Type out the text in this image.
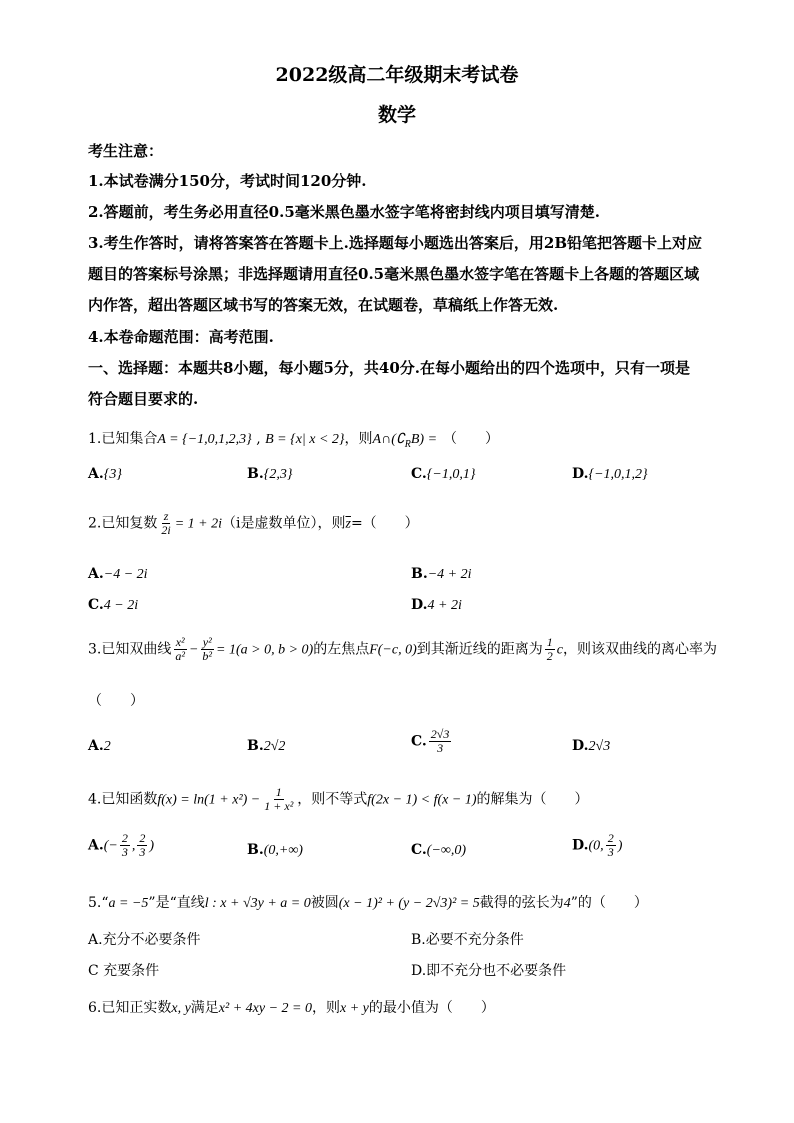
2022级高二年级期末考试卷
数学
考生注意：
1.本试卷满分150分，考试时间120分钟.
2.答题前，考生务必用直径0.5毫米黑色墨水签字笔将密封线内项目填写清楚.
3.考生作答时，请将答案答在答题卡上.选择题每小题选出答案后，用2B铅笔把答题卡上对应
题目的答案标号涂黑；非选择题请用直径0.5毫米黑色墨水签字笔在答题卡上各题的答题区域
内作答，超出答题区域书写的答案无效，在试题卷，草稿纸上作答无效.
4.本卷命题范围：高考范围.
一、选择题：本题共8小题，每小题5分，共40分.在每小题给出的四个选项中，只有一项是
符合题目要求的.
1.已知集合A = {−1,0,1,2,3} , B = {x| x < 2}，则$A\cap(∁_RB)$ = （　　）
A.{3}	B.{2,3}	C.{−1,0,1}	D.{−1,0,1,2}
2.已知复数 $\frac{z}{2i} = 1 + 2i(i$是虚数单位），则$\overline{z}=$（　　）
A.−4 − 2i	B.−4 + 2i
C.4 − 2i	D.4 + 2i
3.已知双曲线 $\frac{\text{x²}}{\text{a²}} - \frac{\text{y²}}{\text{b²}} = 1(a > 0$, b > 0)的左焦点F(−c, 0)到其渐近线的距离为 $\frac{1}{2}$ c，则该双曲线的离心率为
（　　）
A.2	B.2√2	C. $\frac{2√3}{3}$	D.2√3
4.已知函数$f(x) = \ln(1 + x^2) - \frac{1}{\text{1 + x²}}$ ，则不等式f(2x − 1) < f(x − 1)的解集为（　　）
$A.(- \frac{2}{3}$ , $\frac{2}{3}$ )	B.(0,+∞)	C.(−∞,0)	D.(0, $\frac{2}{3}$ )
5.“a = −5”是“直线l : x + √3y + a = 0被圆(x − 1)² + (y − 2√3)² = 5截得的弦长为4”的（　　）
A.充分不必要条件	B.必要不充分条件
C 充要条件	D.即不充分也不必要条件
6.已知正实数x, y满足x² + 4xy − 2 = 0，则x + y的最小值为（　　）
